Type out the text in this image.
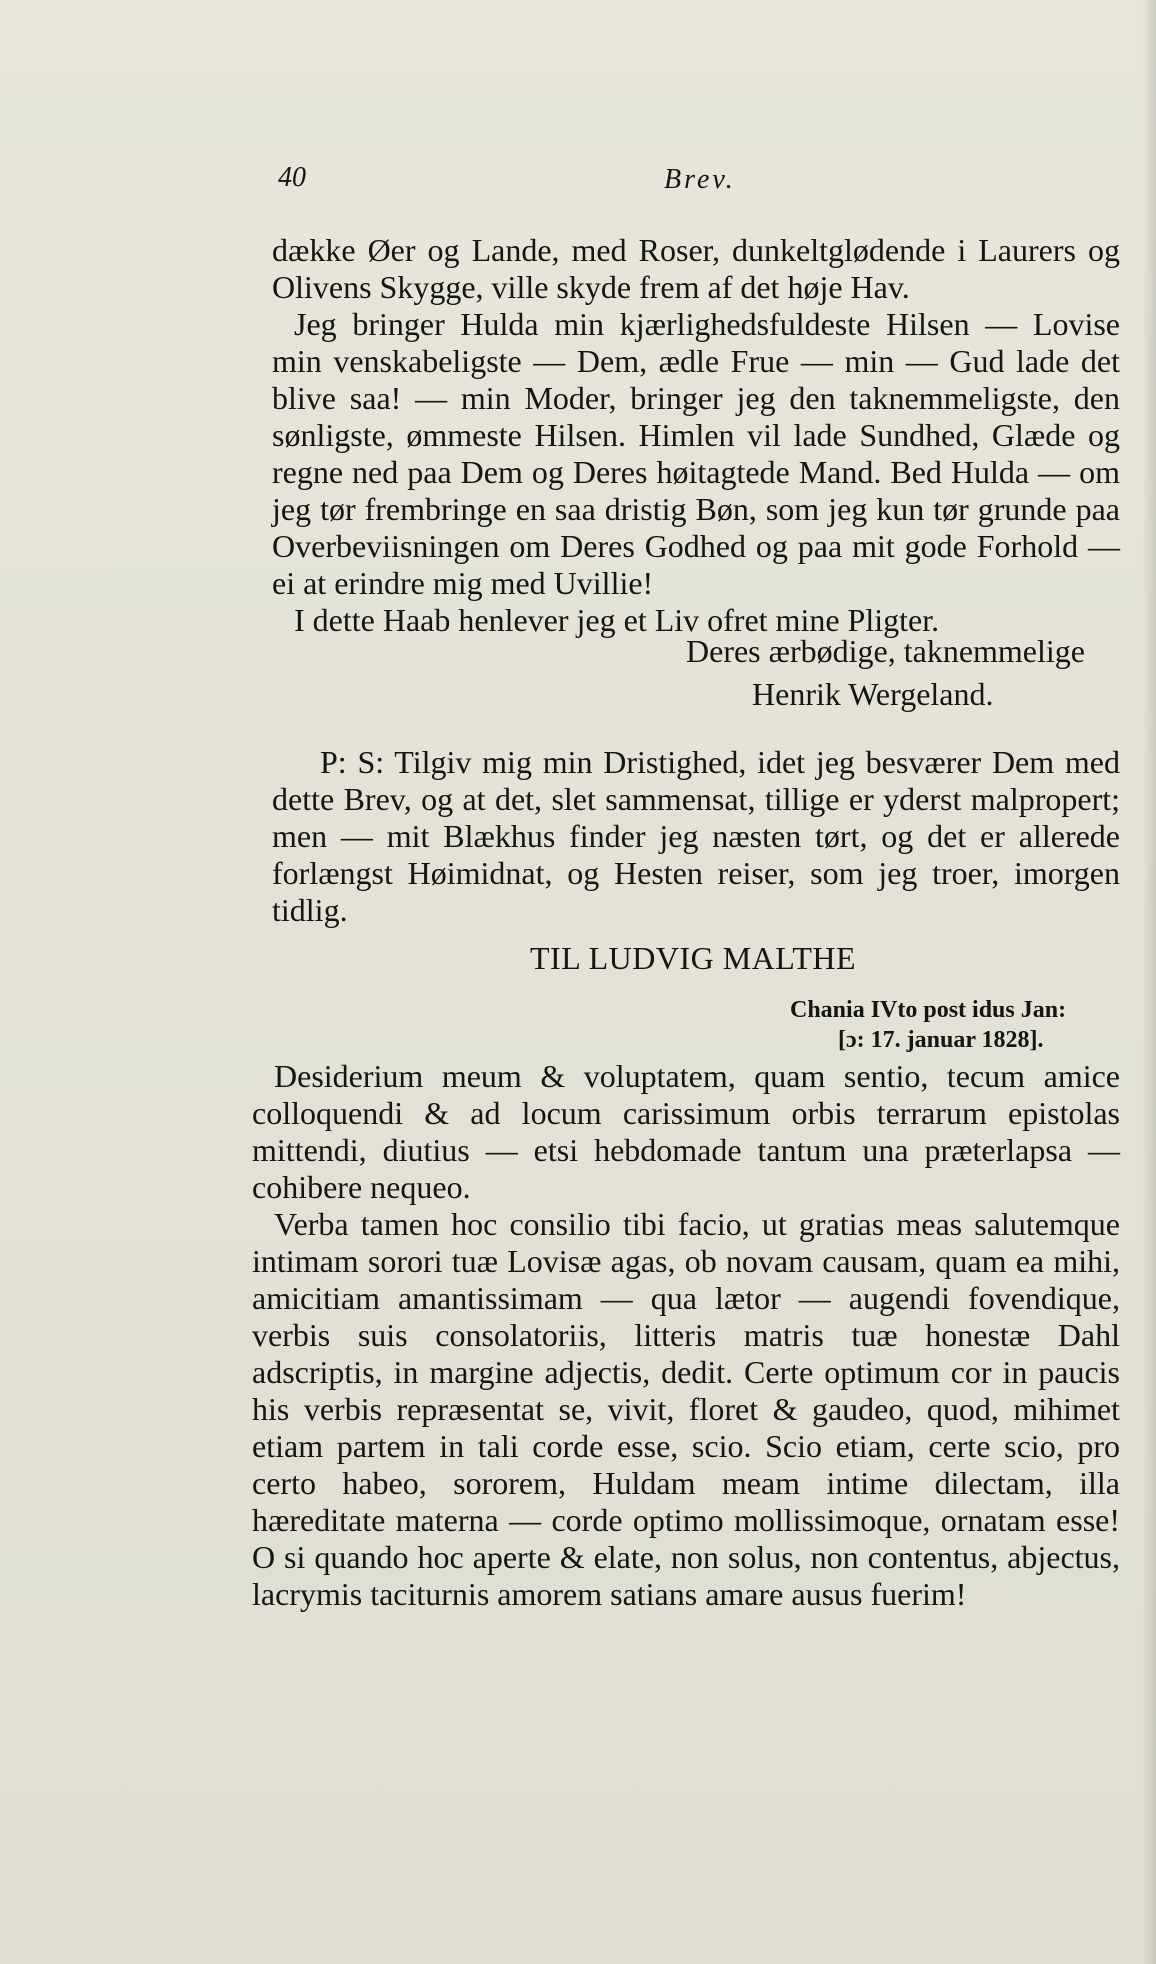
40	Brev.

dække Øer og Lande, med Roser, dunkeltglødende i Laurers og Olivens Skygge, ville skyde frem af det høje Hav.

Jeg bringer Hulda min kjærlighedsfuldeste Hilsen — Lovise min venskabeligste — Dem, ædle Frue — min — Gud lade det blive saa! — min Moder, bringer jeg den taknemmeligste, den sønligste, ømmeste Hilsen. Himlen vil lade Sundhed, Glæde og regne ned paa Dem og Deres høitagtede Mand. Bed Hulda — om jeg tør frembringe en saa dristig Bøn, som jeg kun tør grunde paa Overbeviisningen om Deres Godhed og paa mit gode Forhold — ei at erindre mig med Uvillie!

I dette Haab henlever jeg et Liv ofret mine Pligter.

Deres ærbødige, taknemmelige
Henrik Wergeland.

P: S: Tilgiv mig min Dristighed, idet jeg besværer Dem med dette Brev, og at det, slet sammensat, tillige er yderst malpropert; men — mit Blækhus finder jeg næsten tørt, og det er allerede forlængst Høimidnat, og Hesten reiser, som jeg troer, imorgen tidlig.

TIL LUDVIG MALTHE
Chania IVto post idus Jan:
[ɔ: 17. januar 1828].

Desiderium meum & voluptatem, quam sentio, tecum amice colloquendi & ad locum carissimum orbis terrarum epistolas mittendi, diutius — etsi hebdomade tantum una præterlapsa — cohibere nequeo.

Verba tamen hoc consilio tibi facio, ut gratias meas salutemque intimam sorori tuæ Lovisæ agas, ob novam causam, quam ea mihi, amicitiam amantissimam — qua lætor — augendi fovendique, verbis suis consolatoriis, litteris matris tuæ honestæ Dahl adscriptis, in margine adjectis, dedit. Certe optimum cor in paucis his verbis repræsentat se, vivit, floret & gaudeo, quod, mihimet etiam partem in tali corde esse, scio. Scio etiam, certe scio, pro certo habeo, sororem, Huldam meam intime dilectam, illa hæreditate materna — corde optimo mollissimoque, ornatam esse! O si quando hoc aperte & elate, non solus, non contentus, abjectus, lacrymis taciturnis amorem satians amare ausus fuerim!
